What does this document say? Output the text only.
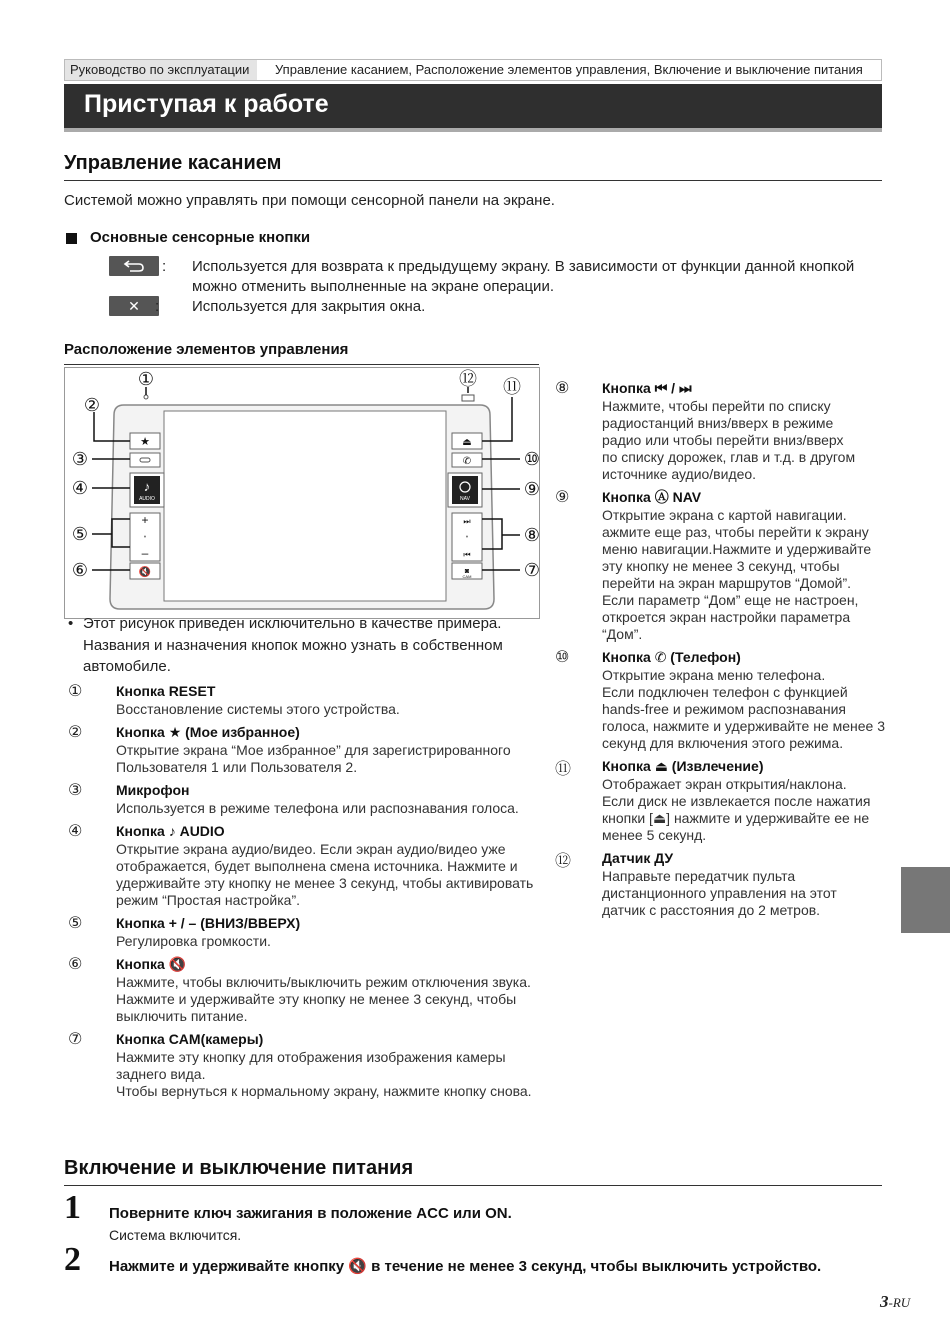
Руководство по эксплуатации	Управление касанием, Расположение элементов управления, Включение и выключение питания
Приступая к работе
Управление касанием
Системой можно управлять при помощи сенсорной панели на экране.
Основные сенсорные кнопки
: Используется для возврата к предыдущему экрану. В зависимости от функции данной кнопкой
можно отменить выполненные на экране операции.
✕	: Используется для закрытия окна.
Расположение элементов управления
★
♪
AUDIO
+
•
–
🔇
⏏
✆
NAV
⏭
•
⏮
◙
CAM
①
②
③
④
⑤
⑥	⑦
⑧
⑨
⑩
⑪
⑫
• Этот рисунок приведен исключительно в качестве примера.
Названия и назначения кнопок можно узнать в собственном
автомобиле.
① Кнопка RESET
Восстановление системы этого устройства.
② Кнопка ★ (Мое избранное)
Открытие экрана “Мое избранное” для зарегистрированного
Пользователя 1 или Пользователя 2.
③ Микрофон
Используется в режиме телефона или распознавания голоса.
④ Кнопка ♪ AUDIO
Открытие экрана аудио/видео. Если экран аудио/видео уже
отображается, будет выполнена смена источника. Нажмите и
удерживайте эту кнопку не менее 3 секунд, чтобы активировать
режим “Простая настройка”.
⑤ Кнопка + / – (ВНИЗ/ВВЕРХ)
Регулировка громкости.
⑥ Кнопка 🔇
Нажмите, чтобы включить/выключить режим отключения звука.
Нажмите и удерживайте эту кнопку не менее 3 секунд, чтобы
выключить питание.
⑦ Кнопка CAM(камеры)
Нажмите эту кнопку для отображения изображения камеры
заднего вида.
Чтобы вернуться к нормальному экрану, нажмите кнопку снова.
⑧ Кнопка ⏮ / ⏭
Нажмите, чтобы перейти по списку
радиостанций вниз/вверх в режиме
радио или чтобы перейти вниз/вверх
по списку дорожек, глав и т.д. в другом
источнике аудио/видео.
⑨ Кнопка Ⓐ NAV
Открытие экрана с картой навигации.
ажмите еще раз, чтобы перейти к экрану
меню навигации.Нажмите и удерживайте
эту кнопку не менее 3 секунд, чтобы
перейти на экран маршрутов “Домой”.
Если параметр “Дом” еще не настроен,
откроется экран настройки параметра
“Дом”.
⑩ Кнопка ✆ (Телефон)
Открытие экрана меню телефона.
Если подключен телефон с функцией
hands-free и режимом распознавания
голоса, нажмите и удерживайте не менее 3
секунд для включения этого режима.
⑪ Кнопка ⏏ (Извлечение)
Отображает экран открытия/наклона.
Если диск не извлекается после нажатия
кнопки [⏏] нажмите и удерживайте ее не
менее 5 секунд.
⑫ Датчик ДУ
Направьте передатчик пульта
дистанционного управления на этот
датчик с расстояния до 2 метров.
Включение и выключение питания
1 Поверните ключ зажигания в положение ACC или ON.
Система включится.
2 Нажмите и удерживайте кнопку 🔇 в течение не менее 3 секунд, чтобы выключить устройство.
3-RU
